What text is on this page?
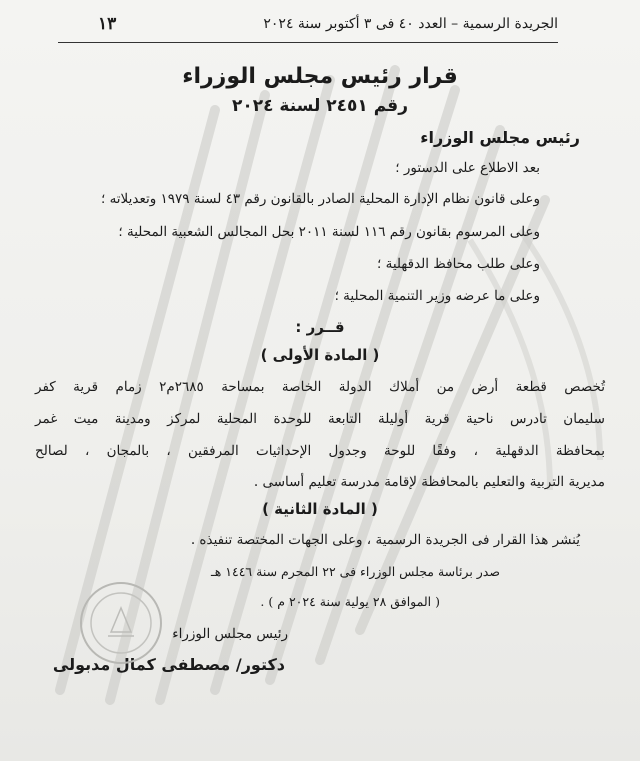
الجريدة الرسمية – العدد ٤٠ فى ٣ أكتوبر سنة ٢٠٢٤
١٣
قرار رئيس مجلس الوزراء
رقم ٢٤٥١ لسنة ٢٠٢٤
رئيس مجلس الوزراء
بعد الاطلاع على الدستور ؛
وعلى قانون نظام الإدارة المحلية الصادر بالقانون رقم ٤٣ لسنة ١٩٧٩ وتعديلاته ؛
وعلى المرسوم بقانون رقم ١١٦ لسنة ٢٠١١ بحل المجالس الشعبية المحلية ؛
وعلى طلب محافظ الدقهلية ؛
وعلى ما عرضه وزير التنمية المحلية ؛
قــرر :
( المادة الأولى )
تُخصص قطعة أرض من أملاك الدولة الخاصة بمساحة ٢٦٨٥م٢ زمام قرية كفر
سليمان تادرس ناحية قرية أوليلة التابعة للوحدة المحلية لمركز ومدينة ميت غمر
بمحافظة الدقهلية ، وفقًا للوحة وجدول الإحداثيات المرفقين ، بالمجان ، لصالح
مديرية التربية والتعليم بالمحافظة لإقامة مدرسة تعليم أساسى .
( المادة الثانية )
يُنشر هذا القرار فى الجريدة الرسمية ، وعلى الجهات المختصة تنفيذه .
صدر برئاسة مجلس الوزراء فى ٢٢ المحرم سنة ١٤٤٦ هـ
( الموافق ٢٨ يولية سنة ٢٠٢٤ م ) .
رئيس مجلس الوزراء
دكتور/ مصطفى كمال مدبولى
